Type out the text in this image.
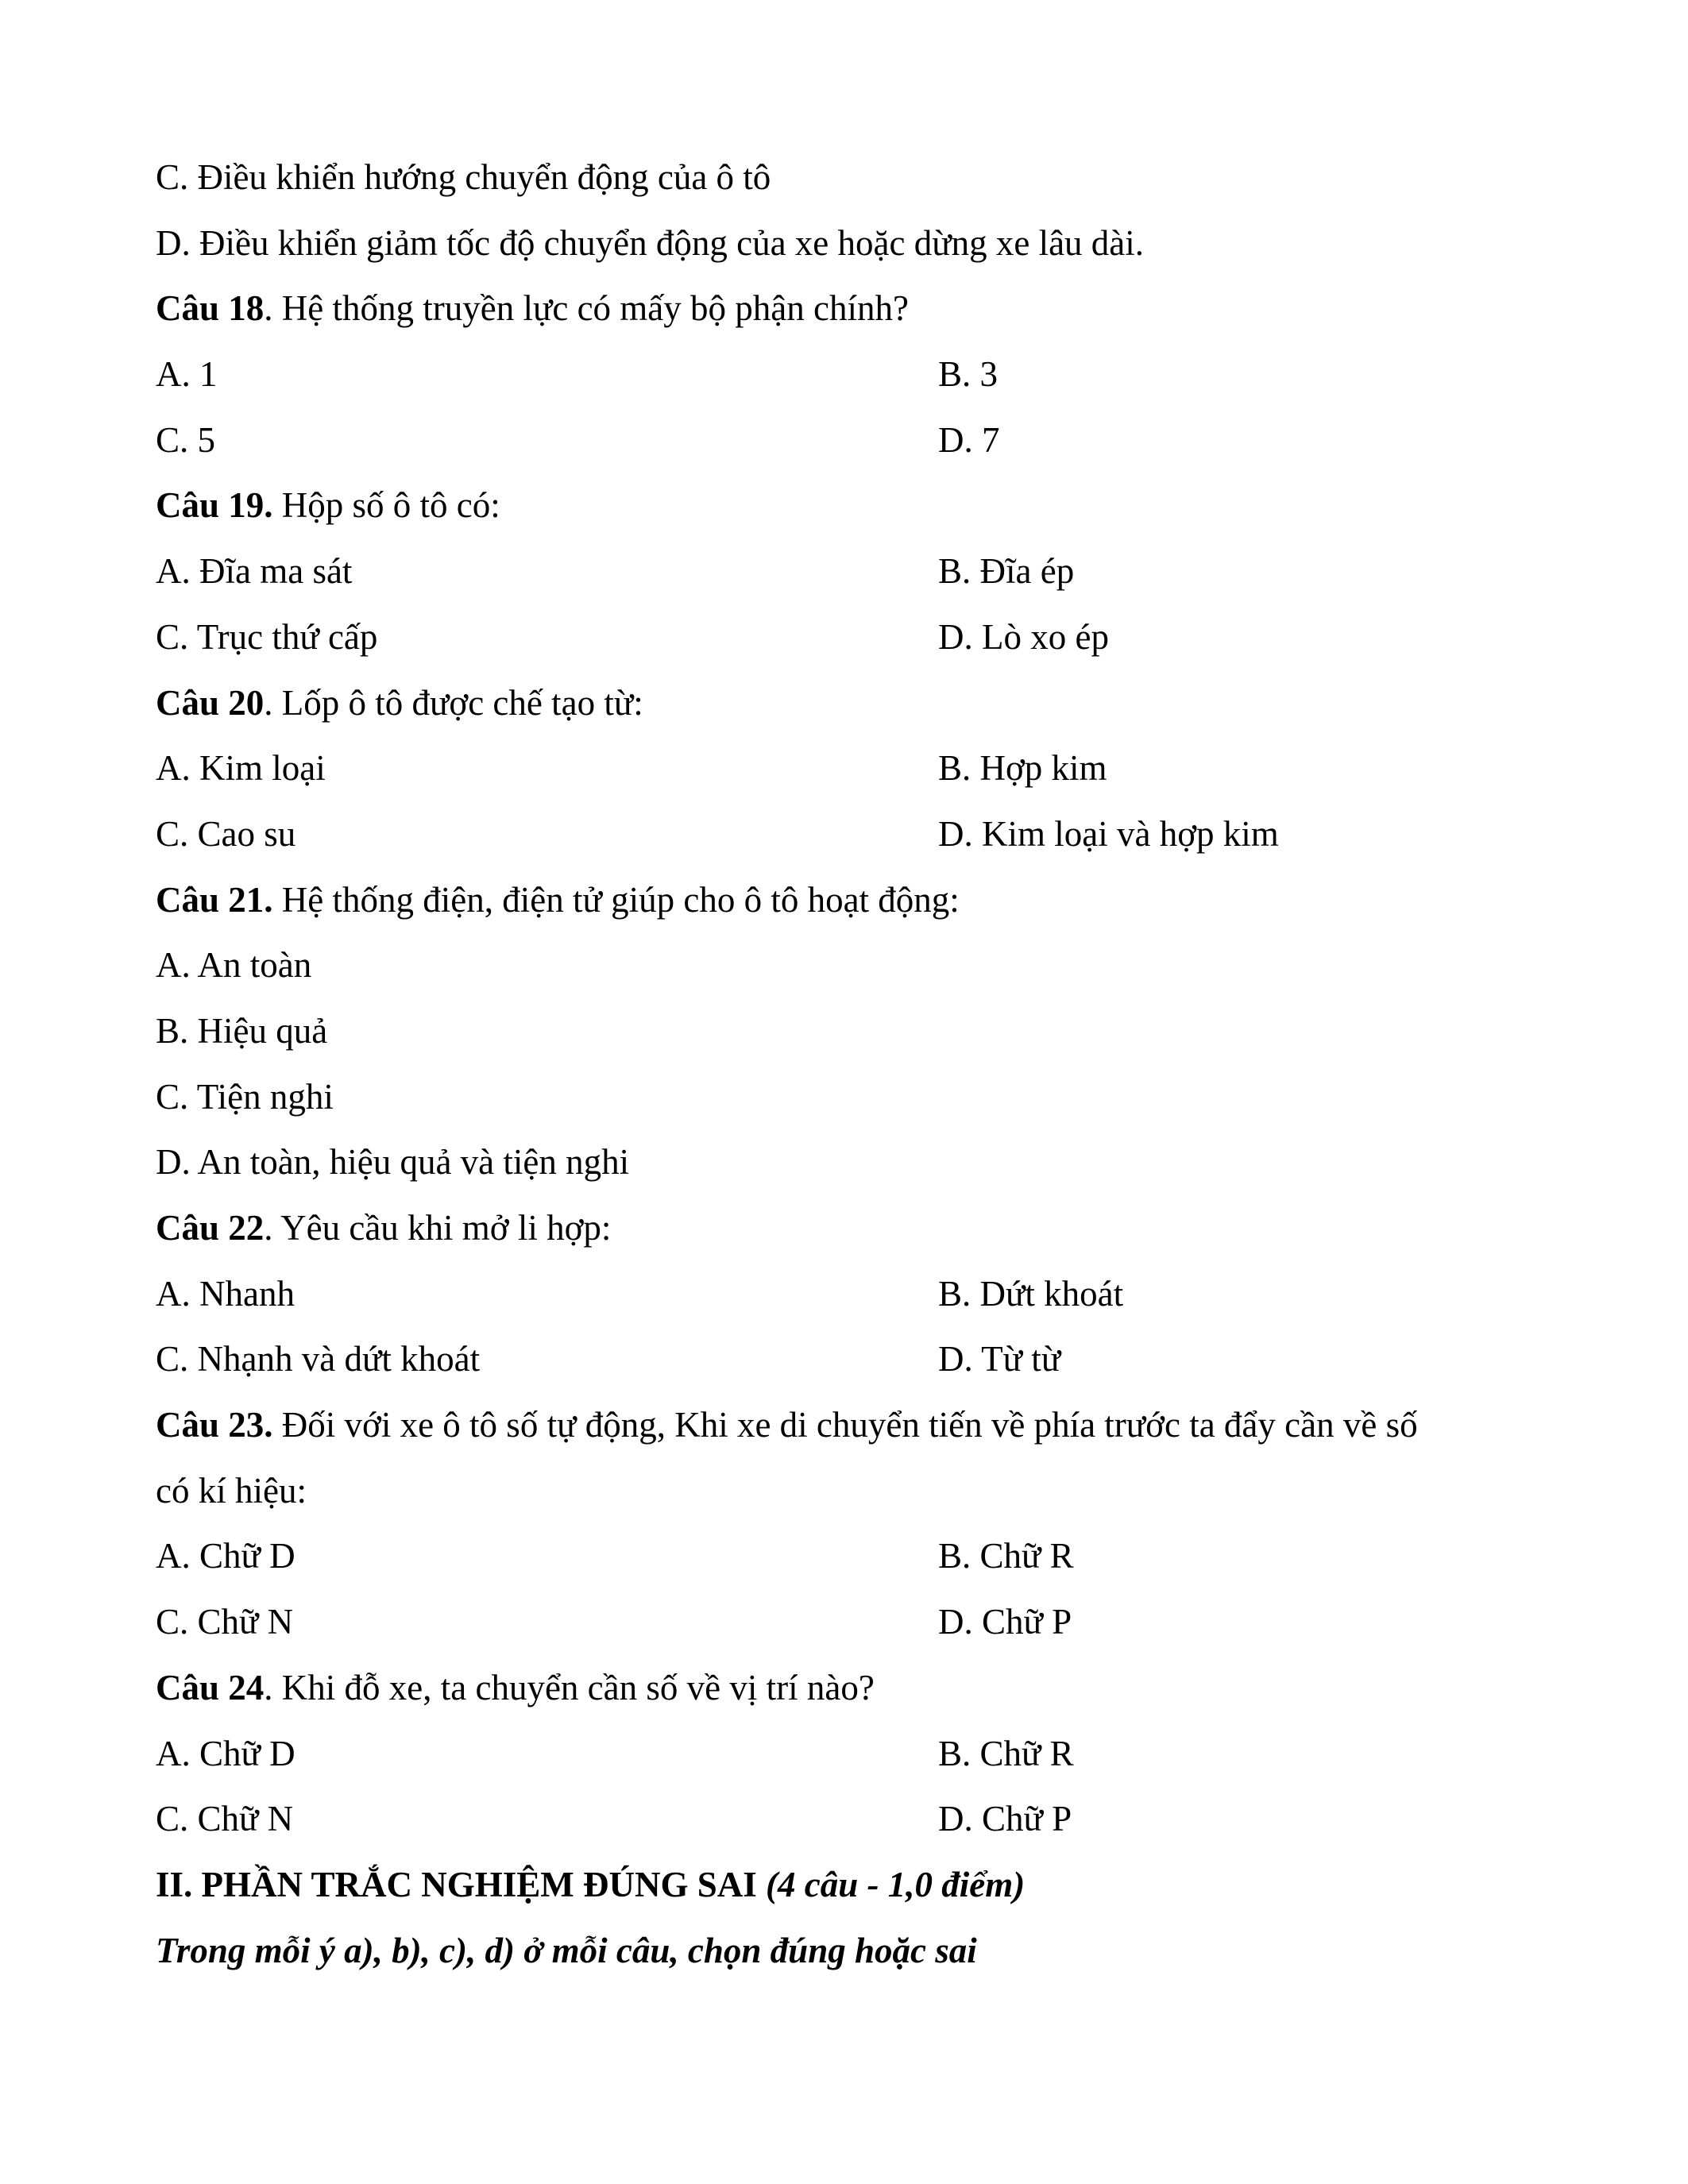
C. Điều khiển hướng chuyển động của ô tô
D. Điều khiển giảm tốc độ chuyển động của xe hoặc dừng xe lâu dài.
Câu 18. Hệ thống truyền lực có mấy bộ phận chính?
A. 1	B. 3
C. 5	D. 7
Câu 19. Hộp số ô tô có:
A. Đĩa ma sát	B. Đĩa ép
C. Trục thứ cấp	D. Lò xo ép
Câu 20. Lốp ô tô được chế tạo từ:
A. Kim loại	B. Hợp kim
C. Cao su	D. Kim loại và hợp kim
Câu 21. Hệ thống điện, điện tử giúp cho ô tô hoạt động:
A. An toàn
B. Hiệu quả
C. Tiện nghi
D. An toàn, hiệu quả và tiện nghi
Câu 22. Yêu cầu khi mở li hợp:
A. Nhanh	B. Dứt khoát
C. Nhạnh và dứt khoát	D. Từ từ
Câu 23. Đối với xe ô tô số tự động, Khi xe di chuyển tiến về phía trước ta đẩy cần về số
có kí hiệu:
A. Chữ D	B. Chữ R
C. Chữ N	D. Chữ P
Câu 24. Khi đỗ xe, ta chuyển cần số về vị trí nào?
A. Chữ D	B. Chữ R
C. Chữ N	D. Chữ P
II. PHẦN TRẮC NGHIỆM ĐÚNG SAI (4 câu - 1,0 điểm)
Trong mỗi ý a), b), c), d) ở mỗi câu, chọn đúng hoặc sai
